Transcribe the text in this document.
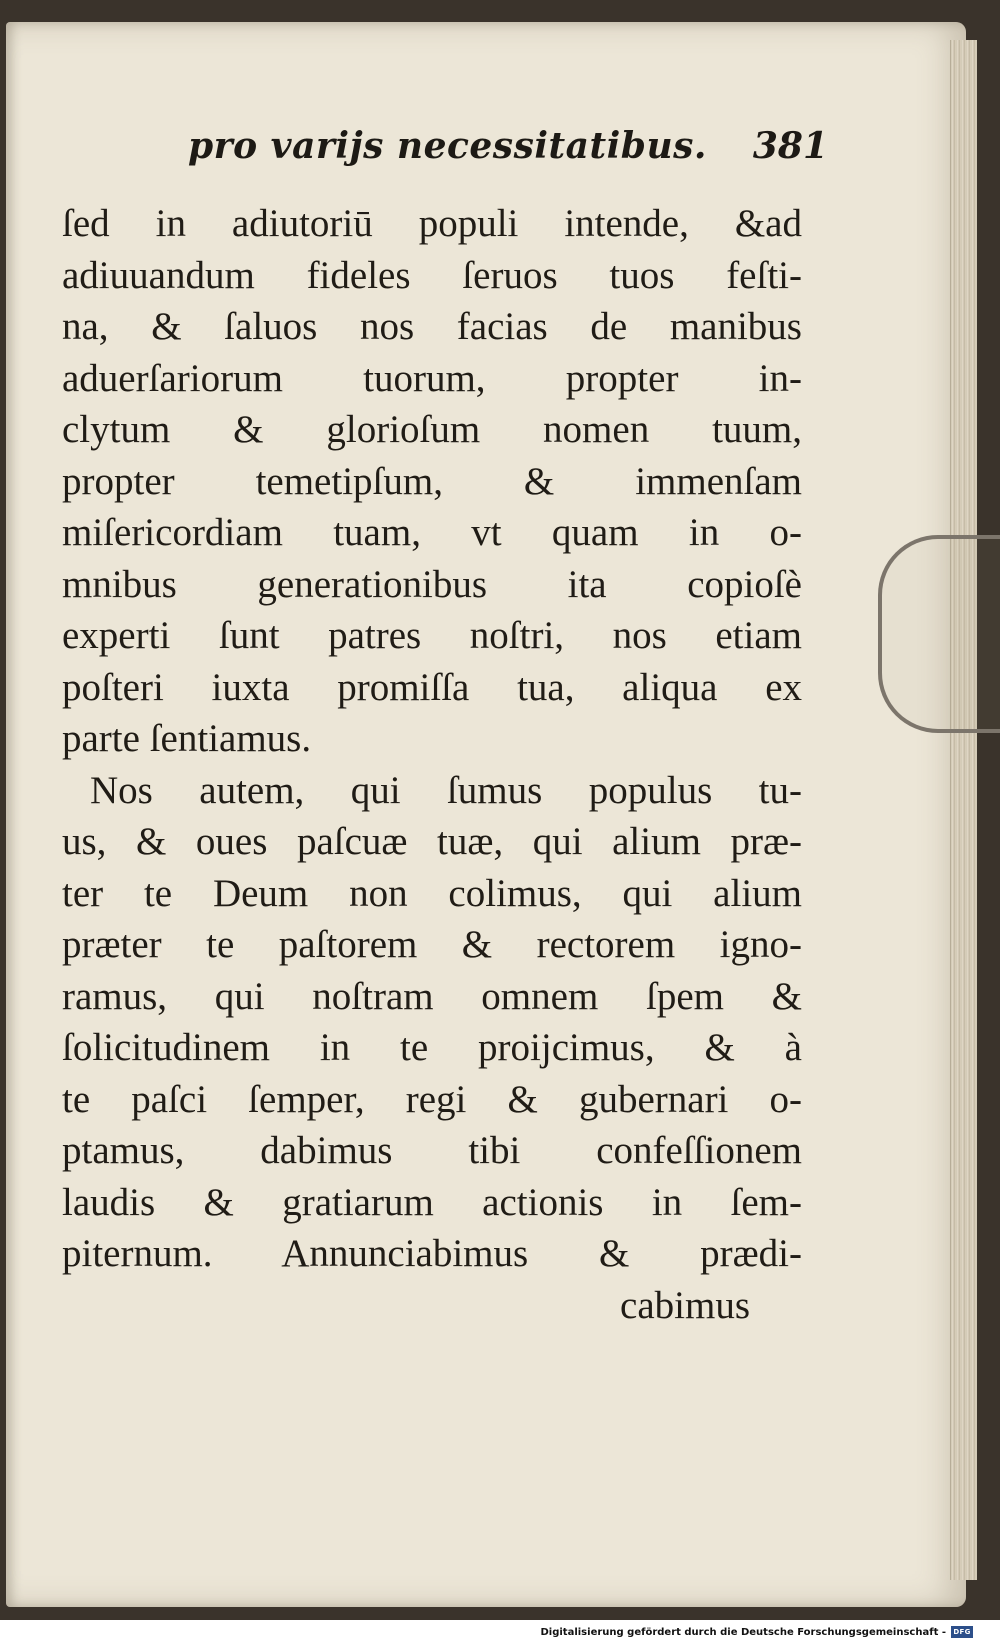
pro varijs necessitatibus. 381
ſed in adiutoriū populi intende, &ad
adiuuandum fideles ſeruos tuos feſti-
na, & ſaluos nos facias de manibus
aduerſariorum tuorum, propter in-
clytum & glorioſum nomen tuum,
propter temetipſum, & immenſam
miſericordiam tuam, vt quam in o-
mnibus generationibus ita copioſè
experti ſunt patres noſtri, nos etiam
poſteri iuxta promiſſa tua, aliqua ex
parte ſentiamus.
Nos autem, qui ſumus populus tu-
us, & oues paſcuæ tuæ, qui alium præ-
ter te Deum non colimus, qui alium
præter te paſtorem & rectorem igno-
ramus, qui noſtram omnem ſpem &
ſolicitudinem in te proijcimus, & à
te paſci ſemper, regi & gubernari o-
ptamus, dabimus tibi confeſſionem
laudis & gratiarum actionis in ſem-
piternum. Annunciabimus & prædi-
cabimus
Digitalisierung gefördert durch die Deutsche Forschungsgemeinschaft -	DFG
